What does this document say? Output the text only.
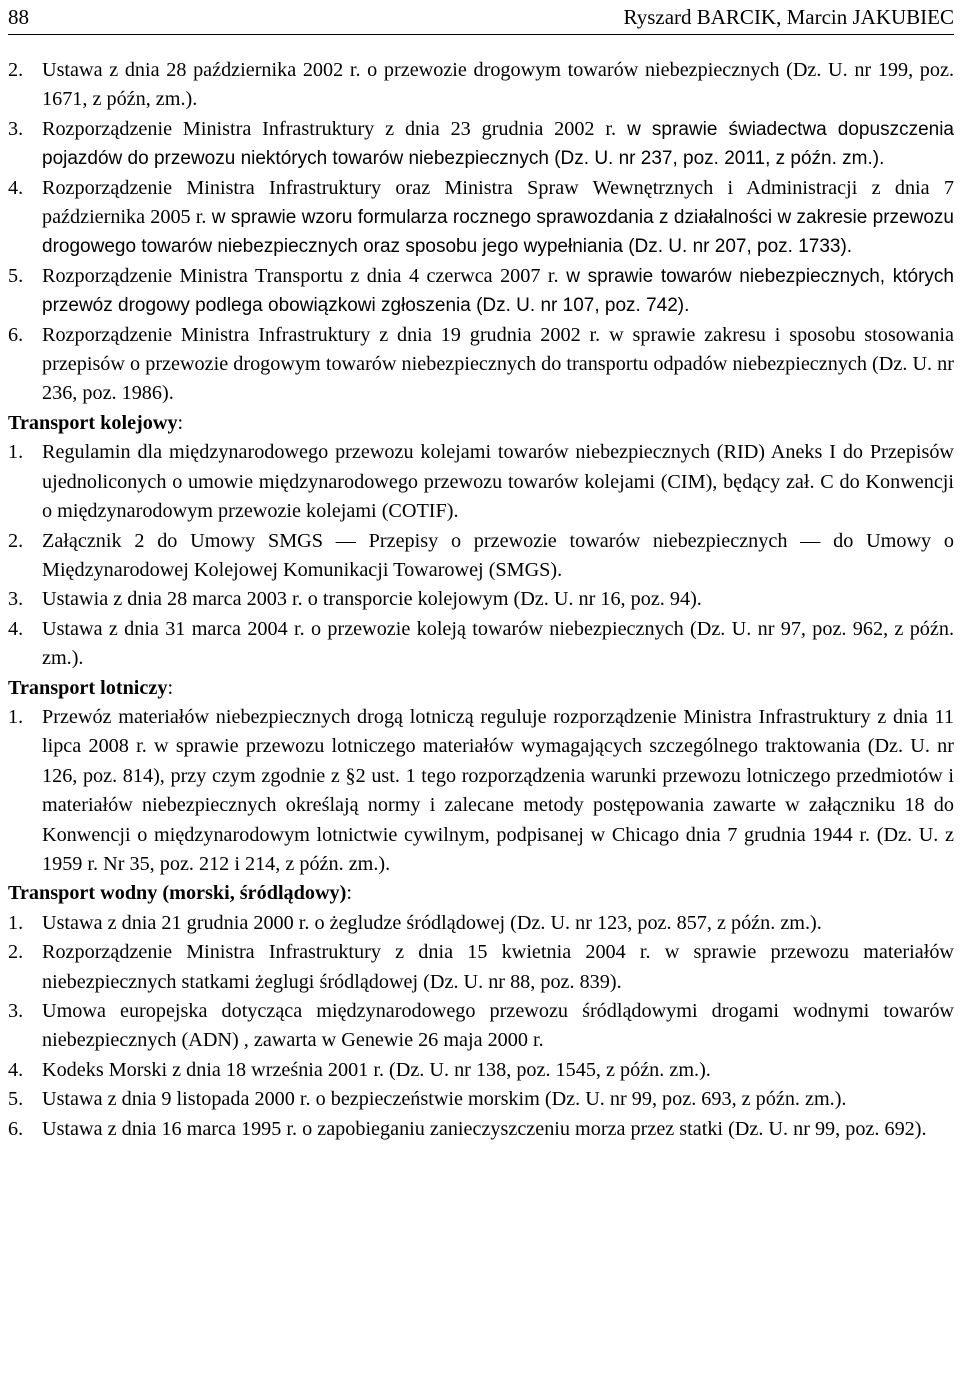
88	Ryszard BARCIK, Marcin JAKUBIEC
2. Ustawa z dnia 28 października 2002 r. o przewozie drogowym towarów niebezpiecznych (Dz. U. nr 199, poz. 1671, z późn, zm.).
3. Rozporządzenie Ministra Infrastruktury z dnia 23 grudnia 2002 r. w sprawie świadectwa dopuszczenia pojazdów do przewozu niektórych towarów niebezpiecznych (Dz. U. nr 237, poz. 2011, z późn. zm.).
4. Rozporządzenie Ministra Infrastruktury oraz Ministra Spraw Wewnętrznych i Administracji z dnia 7 października 2005 r. w sprawie wzoru formularza rocznego sprawozdania z działalności w zakresie przewozu drogowego towarów niebezpiecznych oraz sposobu jego wypełniania (Dz. U. nr 207, poz. 1733).
5. Rozporządzenie Ministra Transportu z dnia 4 czerwca 2007 r. w sprawie towarów niebezpiecznych, których przewóz drogowy podlega obowiązkowi zgłoszenia (Dz. U. nr 107, poz. 742).
6. Rozporządzenie Ministra Infrastruktury z dnia 19 grudnia 2002 r. w sprawie zakresu i sposobu stosowania przepisów o przewozie drogowym towarów niebezpiecznych do transportu odpadów niebezpiecznych (Dz. U. nr 236, poz. 1986).
Transport kolejowy:
1. Regulamin dla międzynarodowego przewozu kolejami towarów niebezpiecznych (RID) Aneks I do Przepisów ujednoliconych o umowie międzynarodowego przewozu towarów kolejami (CIM), będący zał. C do Konwencji o międzynarodowym przewozie kolejami (COTIF).
2. Załącznik 2 do Umowy SMGS — Przepisy o przewozie towarów niebezpiecznych — do Umowy o Międzynarodowej Kolejowej Komunikacji Towarowej (SMGS).
3. Ustawia z dnia 28 marca 2003 r. o transporcie kolejowym (Dz. U. nr 16, poz. 94).
4. Ustawa z dnia 31 marca 2004 r. o przewozie koleją towarów niebezpiecznych (Dz. U. nr 97, poz. 962, z późn. zm.).
Transport lotniczy:
1. Przewóz materiałów niebezpiecznych drogą lotniczą reguluje rozporządzenie Ministra Infrastruktury z dnia 11 lipca 2008 r. w sprawie przewozu lotniczego materiałów wymagających szczególnego traktowania (Dz. U. nr 126, poz. 814), przy czym zgodnie z §2 ust. 1 tego rozporządzenia warunki przewozu lotniczego przedmiotów i materiałów niebezpiecznych określają normy i zalecane metody postępowania zawarte w załączniku 18 do Konwencji o międzynarodowym lotnictwie cywilnym, podpisanej w Chicago dnia 7 grudnia 1944 r. (Dz. U. z 1959 r. Nr 35, poz. 212 i 214, z późn. zm.).
Transport wodny (morski, śródlądowy):
1. Ustawa z dnia 21 grudnia 2000 r. o żegludze śródlądowej (Dz. U. nr 123, poz. 857, z późn. zm.).
2. Rozporządzenie Ministra Infrastruktury z dnia 15 kwietnia 2004 r. w sprawie przewozu materiałów niebezpiecznych statkami żeglugi śródlądowej (Dz. U. nr 88, poz. 839).
3. Umowa europejska dotycząca międzynarodowego przewozu śródlądowymi drogami wodnymi towarów niebezpiecznych (ADN) , zawarta w Genewie 26 maja 2000 r.
4. Kodeks Morski z dnia 18 września 2001 r. (Dz. U. nr 138, poz. 1545, z późn. zm.).
5. Ustawa z dnia 9 listopada 2000 r. o bezpieczeństwie morskim (Dz. U. nr 99, poz. 693, z późn. zm.).
6. Ustawa z dnia 16 marca 1995 r. o zapobieganiu zanieczyszczeniu morza przez statki (Dz. U. nr 99, poz. 692).
